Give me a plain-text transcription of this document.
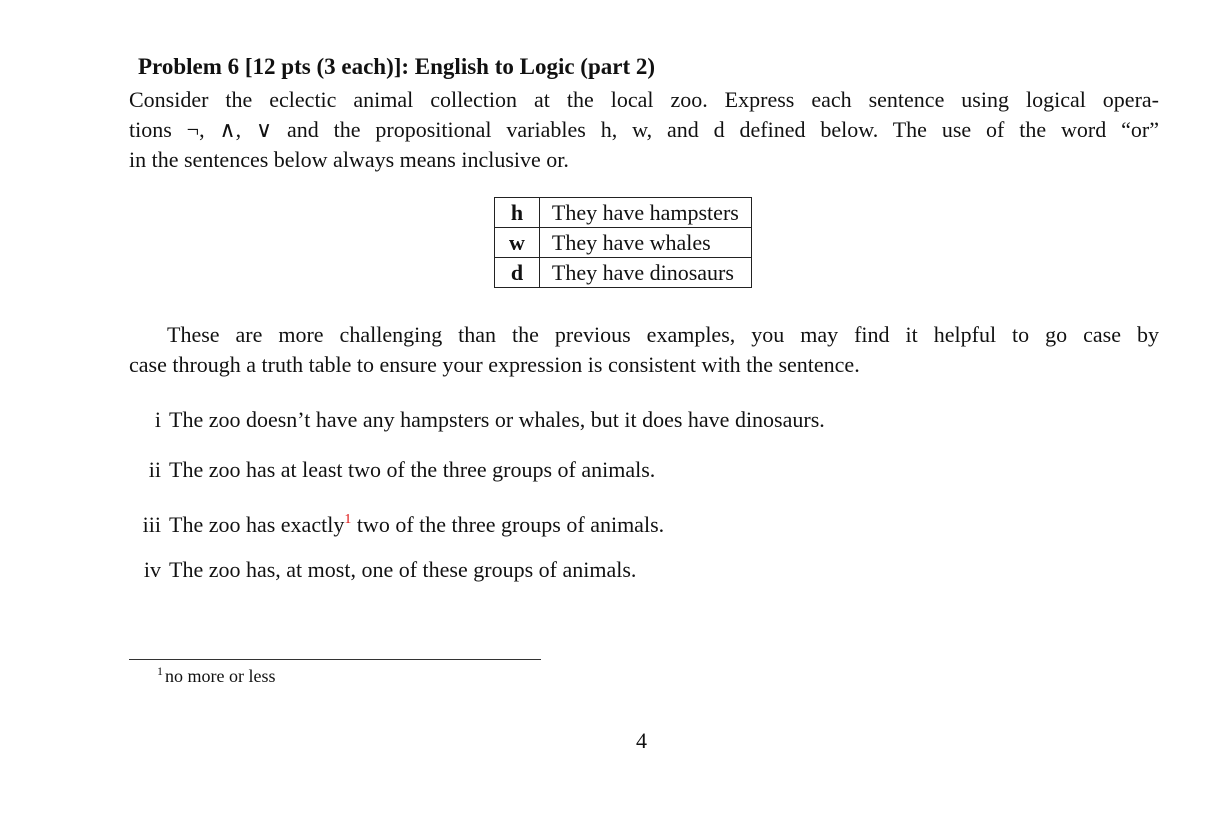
Problem 6 [12 pts (3 each)]: English to Logic (part 2)
Consider the eclectic animal collection at the local zoo. Express each sentence using logical opera-
tions ¬, ∧, ∨ and the propositional variables h, w, and d defined below. The use of the word “or”
in the sentences below always means inclusive or.
h	They have hampsters
w	They have whales
d	They have dinosaurs
These are more challenging than the previous examples, you may find it helpful to go case by
case through a truth table to ensure your expression is consistent with the sentence.
i The zoo doesn’t have any hampsters or whales, but it does have dinosaurs.
ii The zoo has at least two of the three groups of animals.
iii The zoo has exactly$^1$ two of the three groups of animals.
iv The zoo has, at most, one of these groups of animals.
$^1$ no more or less
4
